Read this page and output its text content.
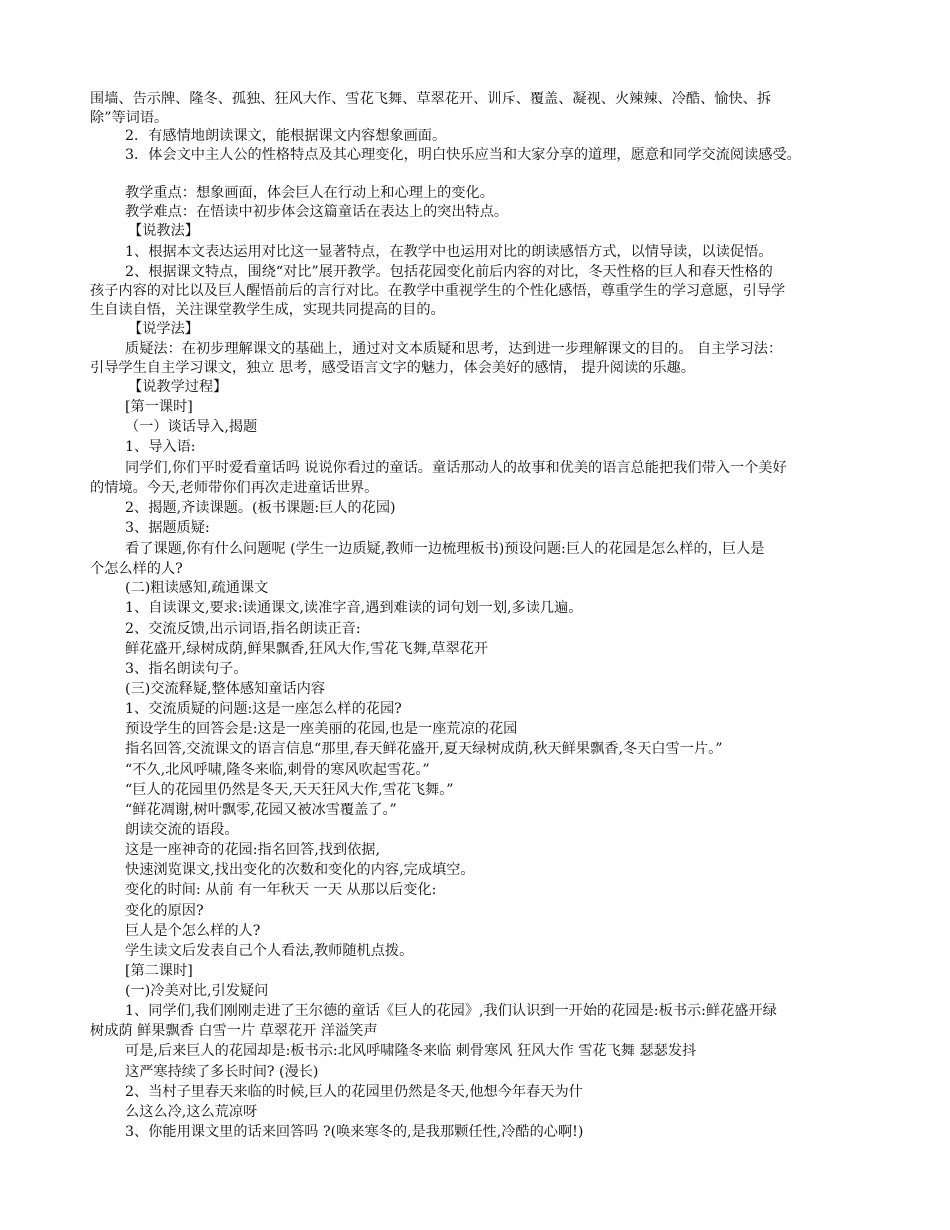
围墙、告示牌、隆冬、孤独、狂风大作、雪花飞舞、草翠花开、训斥、覆盖、凝视、火辣辣、冷酷、愉快、拆
除”等词语。
2．有感情地朗读课文，能根据课文内容想象画面。
3．体会文中主人公的性格特点及其心理变化，明白快乐应当和大家分享的道理，愿意和同学交流阅读感受。
教学重点：想象画面，体会巨人在行动上和心理上的变化。
教学难点：在悟读中初步体会这篇童话在表达上的突出特点。
【说教法】
1、根据本文表达运用对比这一显著特点，在教学中也运用对比的朗读感悟方式，以情导读，以读促悟。
2、根据课文特点，围绕“对比”展开教学。包括花园变化前后内容的对比，冬天性格的巨人和春天性格的
孩子内容的对比以及巨人醒悟前后的言行对比。在教学中重视学生的个性化感悟，尊重学生的学习意愿，引导学
生自读自悟，关注课堂教学生成，实现共同提高的目的。
【说学法】
质疑法：在初步理解课文的基础上，通过对文本质疑和思考，达到进一步理解课文的目的。 自主学习法：
引导学生自主学习课文，独立 思考，感受语言文字的魅力，体会美好的感情， 提升阅读的乐趣。
【说教学过程】
[第一课时]
（一）谈话导入,揭题
1、导入语:
同学们,你们平时爱看童话吗 说说你看过的童话。童话那动人的故事和优美的语言总能把我们带入一个美好
的情境。今天,老师带你们再次走进童话世界。
2、揭题,齐读课题。(板书课题:巨人的花园)
3、据题质疑:
看了课题,你有什么问题呢 (学生一边质疑,教师一边梳理板书)预设问题:巨人的花园是怎么样的，巨人是
个怎么样的人?
(二)粗读感知,疏通课文
1、自读课文,要求:读通课文,读准字音,遇到难读的词句划一划,多读几遍。
2、交流反馈,出示词语,指名朗读正音:
鲜花盛开,绿树成荫,鲜果飘香,狂风大作,雪花飞舞,草翠花开
3、指名朗读句子。
(三)交流释疑,整体感知童话内容
1、交流质疑的问题:这是一座怎么样的花园?
预设学生的回答会是:这是一座美丽的花园,也是一座荒凉的花园
指名回答,交流课文的语言信息“那里,春天鲜花盛开,夏天绿树成荫,秋天鲜果飘香,冬天白雪一片。”
“不久,北风呼啸,隆冬来临,刺骨的寒风吹起雪花。”
“巨人的花园里仍然是冬天,天天狂风大作,雪花飞舞。”
“鲜花凋谢,树叶飘零,花园又被冰雪覆盖了。”
朗读交流的语段。
这是一座神奇的花园:指名回答,找到依据,
快速浏览课文,找出变化的次数和变化的内容,完成填空。
变化的时间: 从前 有一年秋天 一天 从那以后变化:
变化的原因?
巨人是个怎么样的人?
学生读文后发表自己个人看法,教师随机点拨。
[第二课时]
(一)冷美对比,引发疑问
1、同学们,我们刚刚走进了王尔德的童话《巨人的花园》,我们认识到一开始的花园是:板书示:鲜花盛开绿
树成荫 鲜果飘香 白雪一片 草翠花开 洋溢笑声
可是,后来巨人的花园却是:板书示:北风呼啸隆冬来临 刺骨寒风 狂风大作 雪花飞舞 瑟瑟发抖
这严寒持续了多长时间? (漫长)
2、当村子里春天来临的时候,巨人的花园里仍然是冬天,他想今年春天为什
么这么冷,这么荒凉呀
3、你能用课文里的话来回答吗 ?(唤来寒冬的,是我那颗任性,冷酷的心啊!)
